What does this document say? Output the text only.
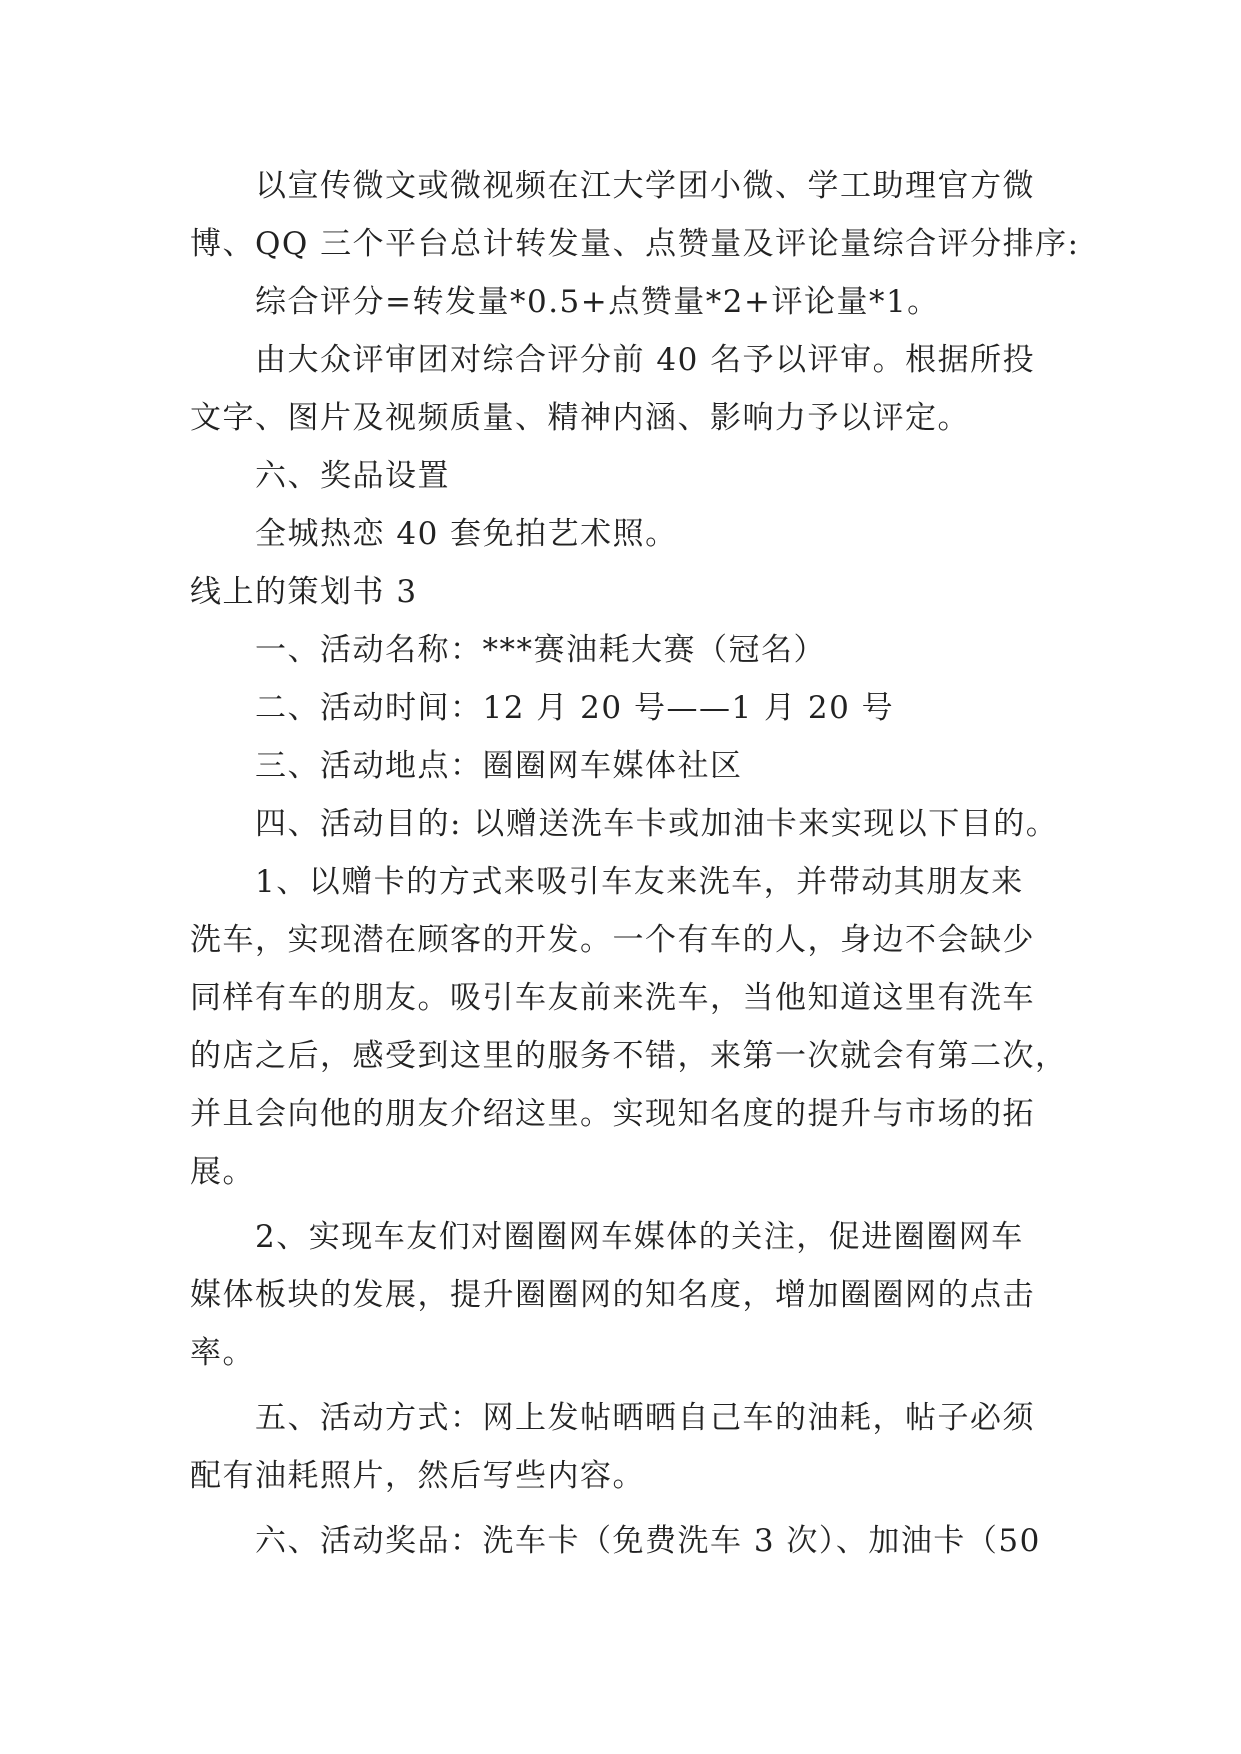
以宣传微文或微视频在江大学团小微、学工助理官方微
博、QQ 三个平台总计转发量、点赞量及评论量综合评分排序:
综合评分=转发量*0.5+点赞量*2+评论量*1。
由大众评审团对综合评分前 40 名予以评审。根据所投
文字、图片及视频质量、精神内涵、影响力予以评定。
六、奖品设置
全城热恋 40 套免拍艺术照。
线上的策划书 3
一、活动名称：***赛油耗大赛（冠名）
二、活动时间：12 月 20 号——1 月 20 号
三、活动地点：圈圈网车媒体社区
四、活动目的: 以赠送洗车卡或加油卡来实现以下目的。
1、以赠卡的方式来吸引车友来洗车，并带动其朋友来
洗车，实现潜在顾客的开发。一个有车的人，身边不会缺少
同样有车的朋友。吸引车友前来洗车，当他知道这里有洗车
的店之后，感受到这里的服务不错，来第一次就会有第二次，
并且会向他的朋友介绍这里。实现知名度的提升与市场的拓
展。
2、实现车友们对圈圈网车媒体的关注，促进圈圈网车
媒体板块的发展，提升圈圈网的知名度，增加圈圈网的点击
率。
五、活动方式：网上发帖晒晒自己车的油耗，帖子必须
配有油耗照片，然后写些内容。
六、活动奖品：洗车卡（免费洗车 3 次）、加油卡（50
